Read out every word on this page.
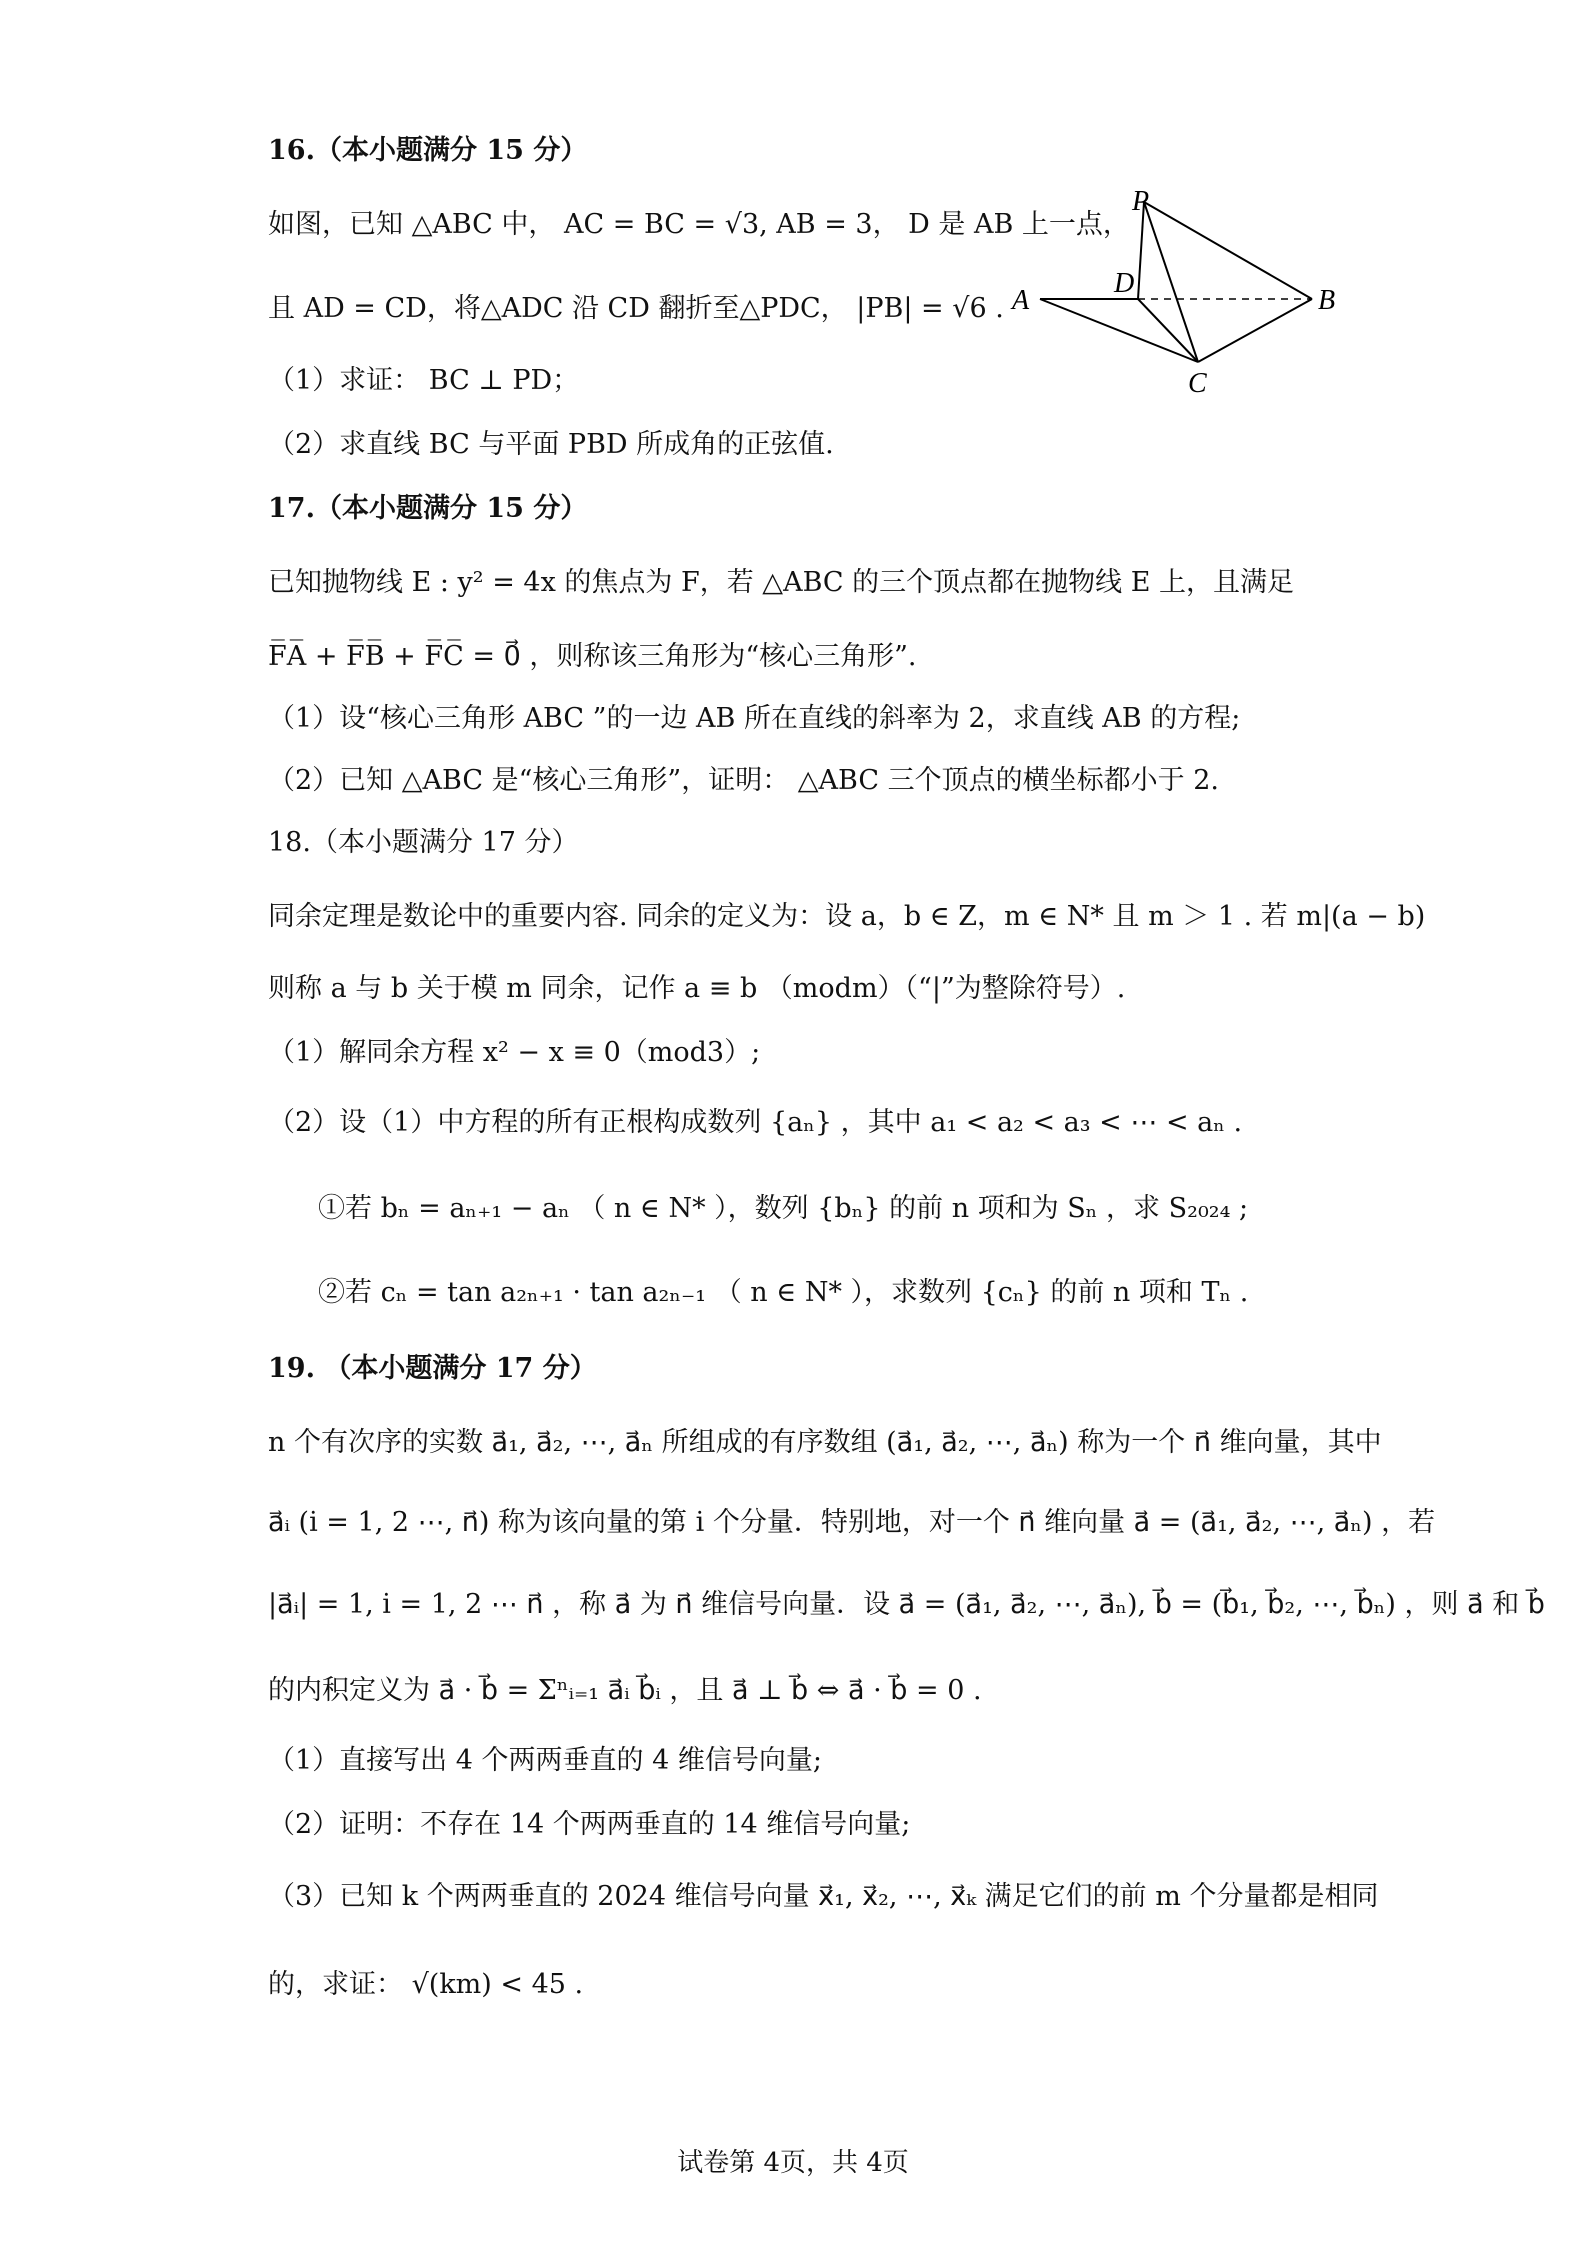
16.（本小题满分 15 分）
如图，已知 △ABC 中， AC = BC = √3, AB = 3， D 是 AB 上一点，
且 AD = CD，将△ADC 沿 CD 翻折至△PDC， |PB| = √6 .
（1）求证： BC ⊥ PD；
（2）求直线 BC 与平面 PBD 所成角的正弦值.
A	B
C
D
P
17.（本小题满分 15 分）
已知抛物线 E : y² = 4x 的焦点为 F，若 △ABC 的三个顶点都在抛物线 E 上，且满足
F̅A̅ + F̅B̅ + F̅C̅ = 0⃗ ，则称该三角形为“核心三角形”.
（1）设“核心三角形 ABC ”的一边 AB 所在直线的斜率为 2，求直线 AB 的方程;
（2）已知 △ABC 是“核心三角形”，证明： △ABC 三个顶点的横坐标都小于 2.
18.（本小题满分 17 分）
同余定理是数论中的重要内容. 同余的定义为：设 a，b ∈ Z，m ∈ N* 且 m ＞ 1 . 若 m|(a − b)
则称 a 与 b 关于模 m 同余，记作 a ≡ b （modm）（“|”为整除符号）.
（1）解同余方程 x² − x ≡ 0（mod3）;
（2）设（1）中方程的所有正根构成数列 {aₙ} ，其中 a₁ < a₂ < a₃ < ⋯ < aₙ .
①若 bₙ = aₙ₊₁ − aₙ （ n ∈ N* ），数列 {bₙ} 的前 n 项和为 Sₙ ，求 S₂₀₂₄ ;
②若 cₙ = tan a₂ₙ₊₁ · tan a₂ₙ₋₁ （ n ∈ N* ），求数列 {cₙ} 的前 n 项和 Tₙ .
19. （本小题满分 17 分）
n 个有次序的实数 a⃗₁, a⃗₂, ⋯, a⃗ₙ 所组成的有序数组 (a⃗₁, a⃗₂, ⋯, a⃗ₙ) 称为一个 n⃗ 维向量，其中
a⃗ᵢ (i = 1, 2 ⋯, n⃗) 称为该向量的第 i 个分量．特别地，对一个 n⃗ 维向量 a⃗ = (a⃗₁, a⃗₂, ⋯, a⃗ₙ) ，若
|a⃗ᵢ| = 1, i = 1, 2 ⋯ n⃗ ，称 a⃗ 为 n⃗ 维信号向量．设 a⃗ = (a⃗₁, a⃗₂, ⋯, a⃗ₙ), b⃗ = (b⃗₁, b⃗₂, ⋯, b⃗ₙ) ，则 a⃗ 和 b⃗
的内积定义为 a⃗ · b⃗ = Σⁿᵢ₌₁ a⃗ᵢ b⃗ᵢ ，且 a⃗ ⊥ b⃗ ⇔ a⃗ · b⃗ = 0 .
（1）直接写出 4 个两两垂直的 4 维信号向量;
（2）证明：不存在 14 个两两垂直的 14 维信号向量;
（3）已知 k 个两两垂直的 2024 维信号向量 x⃗₁, x⃗₂, ⋯, x⃗ₖ 满足它们的前 m 个分量都是相同
的，求证： √(km) < 45 .
试卷第 4页，共 4页
